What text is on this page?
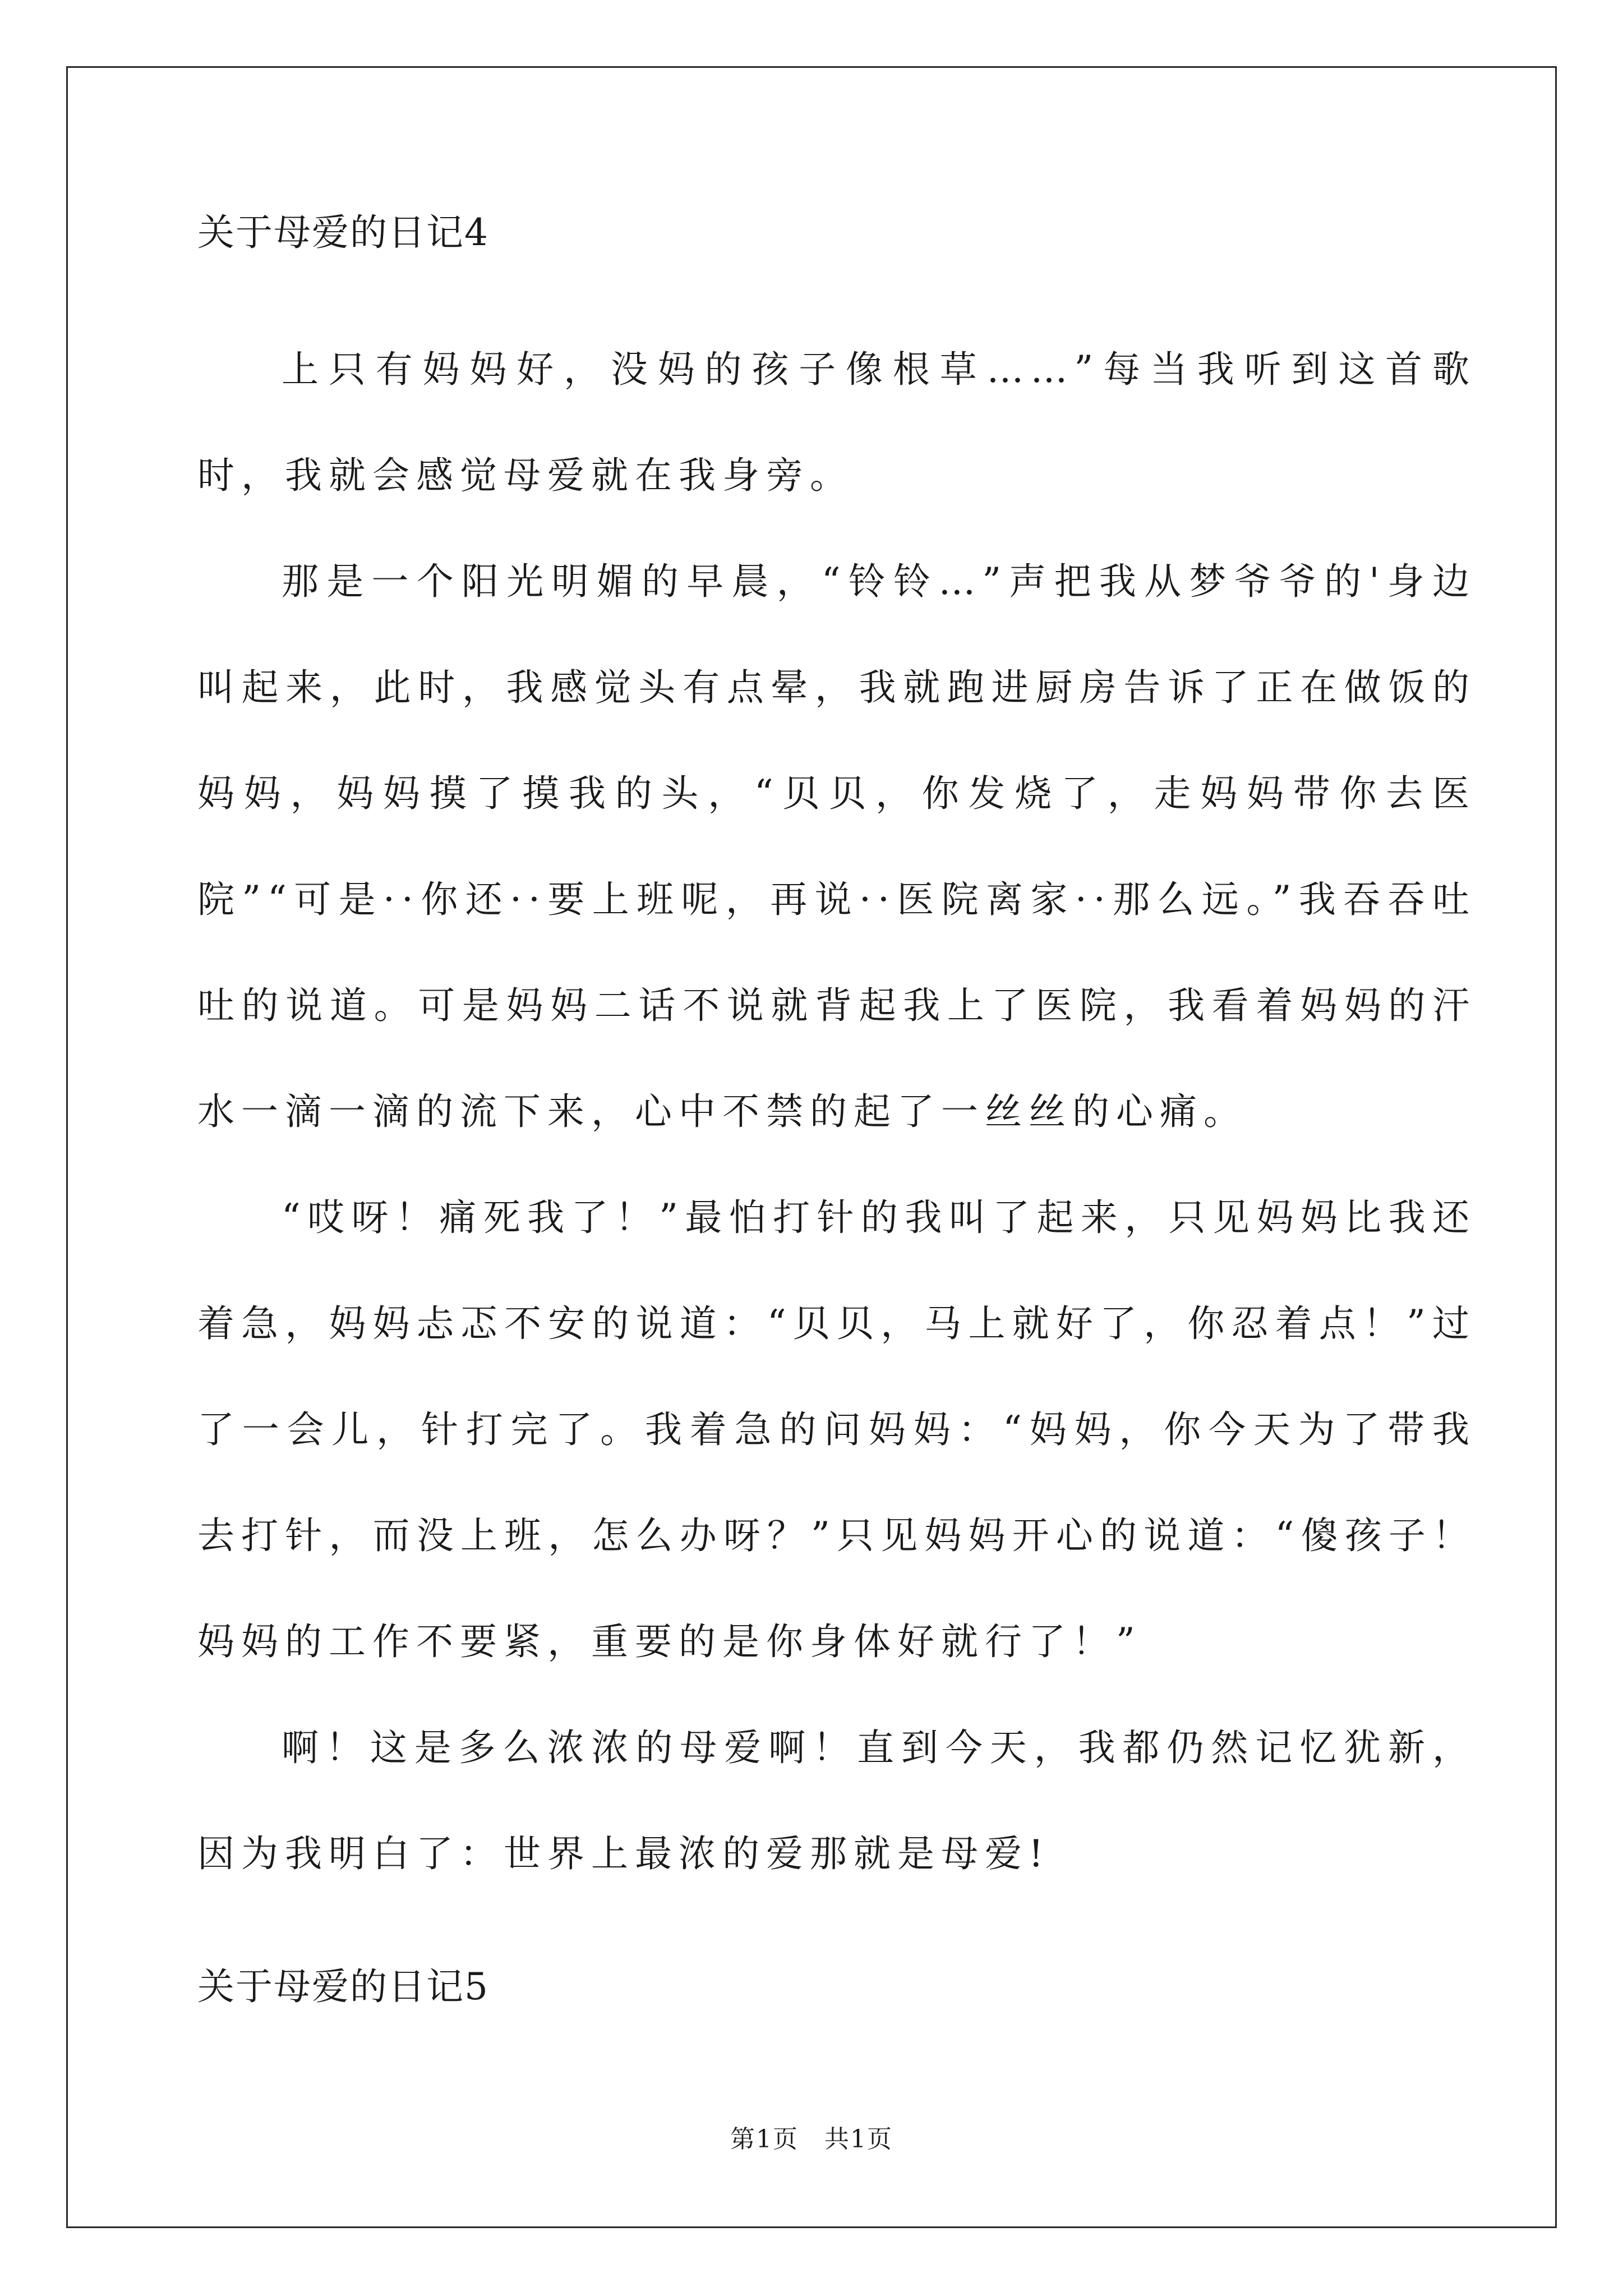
关于母爱的日记4

上只有妈妈好，没妈的孩子像根草……”每当我听到这首歌时，我就会感觉母爱就在我身旁。

那是一个阳光明媚的早晨，“铃铃…”声把我从梦爷爷的'身边叫起来，此时，我感觉头有点晕，我就跑进厨房告诉了正在做饭的妈妈，妈妈摸了摸我的头，“贝贝，你发烧了，走妈妈带你去医院”“可是··你还··要上班呢，再说··医院离家··那么远。”我吞吞吐吐的说道。可是妈妈二话不说就背起我上了医院，我看着妈妈的汗水一滴一滴的流下来，心中不禁的起了一丝丝的心痛。

“哎呀！痛死我了！”最怕打针的我叫了起来，只见妈妈比我还着急，妈妈忐忑不安的说道：“贝贝，马上就好了，你忍着点！”过了一会儿，针打完了。我着急的问妈妈：“妈妈，你今天为了带我去打针，而没上班，怎么办呀？”只见妈妈开心的说道：“傻孩子！妈妈的工作不要紧，重要的是你身体好就行了！”

啊！这是多么浓浓的母爱啊！直到今天，我都仍然记忆犹新，因为我明白了：世界上最浓的爱那就是母爱!

关于母爱的日记5
第1页　共1页
